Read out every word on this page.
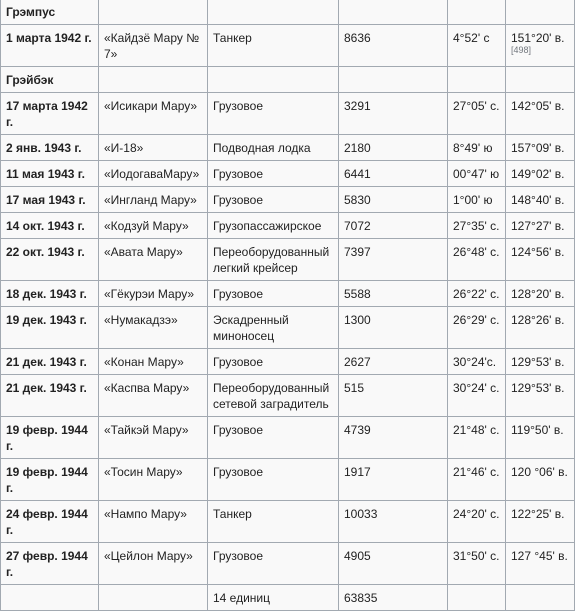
Грэмпус					
1 марта 1942 г.	«Кайдзё Мару № 7»	Танкер	8636	4°52' с	151°20' в. [498]
Грэйбэк					
17 марта 1942 г.	«Исикари Мару»	Грузовое	3291	27°05' с.	142°05' в.
2 янв. 1943 г.	«И-18»	Подводная лодка	2180	8°49' ю	157°09' в.
11 мая 1943 г.	«ИодогаваМару»	Грузовое	6441	00°47' ю	149°02' в.
17 мая 1943 г.	«Ингланд Мару»	Грузовое	5830	1°00' ю	148°40' в.
14 окт. 1943 г.	«Кодзуй Мару»	Грузопассажирское	7072	27°35' с.	127°27' в.
22 окт. 1943 г.	«Авата Мару»	Переоборудованный легкий крейсер	7397	26°48' с.	124°56' в.
18 дек. 1943 г.	«Гёкурэи Мару»	Грузовое	5588	26°22' с.	128°20' в.
19 дек. 1943 г.	«Нумакадзэ»	Эскадренный миноносец	1300	26°29' с.	128°26' в.
21 дек. 1943 г.	«Конан Мару»	Грузовое	2627	30°24'с.	129°53' в.
21 дек. 1943 г.	«Каспва Мару»	Переоборудованный сетевой заградитель	515	30°24' с.	129°53' в.
19 февр. 1944 г.	«Тайкэй Мару»	Грузовое	4739	21°48' с.	119°50' в.
19 февр. 1944 г.	«Тосин Мару»	Грузовое	1917	21°46' с.	120 °06' в.
24 февр. 1944 г.	«Нампо Мару»	Танкер	10033	24°20' с.	122°25' в.
27 февр. 1944 г.	«Цейлон Мару»	Грузовое	4905	31°50' с.	127 °45' в.
		14 единиц	63835		
